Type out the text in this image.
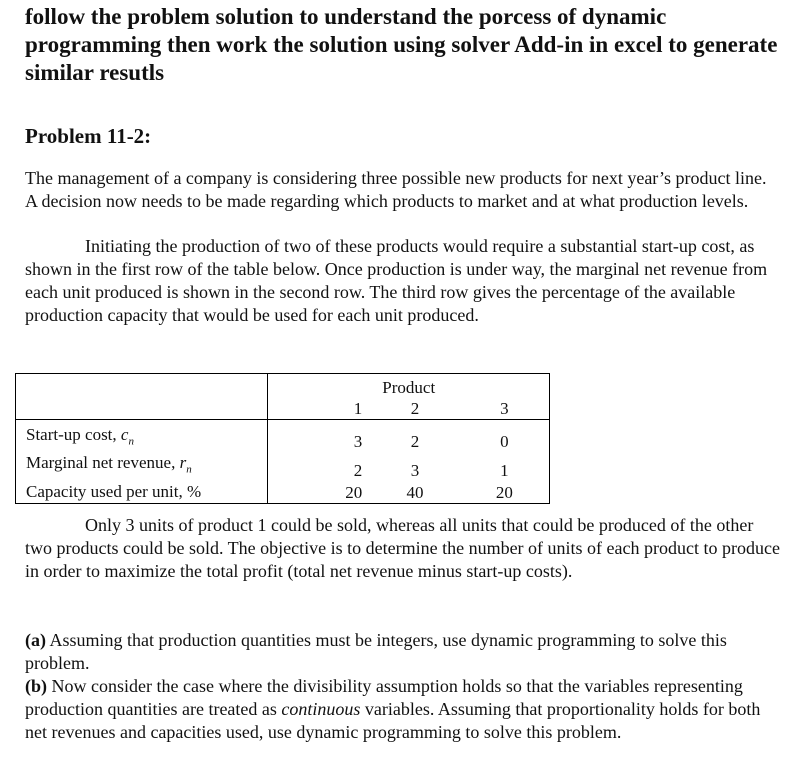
follow the problem solution to understand the porcess of dynamic programming then work the solution using solver Add-in in excel to generate similar resutls
Problem 11-2:

The management of a company is considering three possible new products for next year’s product line. A decision now needs to be made regarding which products to market and at what production levels.

Initiating the production of two of these products would require a substantial start-up cost, as shown in the first row of the table below. Once production is under way, the marginal net revenue from each unit produced is shown in the second row. The third row gives the percentage of the available production capacity that would be used for each unit produced.

	Product		
	1	2	3
Start-up cost, $c_n$	3	2	0
Marginal net revenue, $r_n$	2	3	1
Capacity used per unit, %	20	40	20

Only 3 units of product 1 could be sold, whereas all units that could be produced of the other two products could be sold. The objective is to determine the number of units of each product to produce in order to maximize the total profit (total net revenue minus start-up costs).

(a) Assuming that production quantities must be integers, use dynamic programming to solve this problem.

(b) Now consider the case where the divisibility assumption holds so that the variables representing production quantities are treated as continuous variables. Assuming that proportionality holds for both net revenues and capacities used, use dynamic programming to solve this problem.
